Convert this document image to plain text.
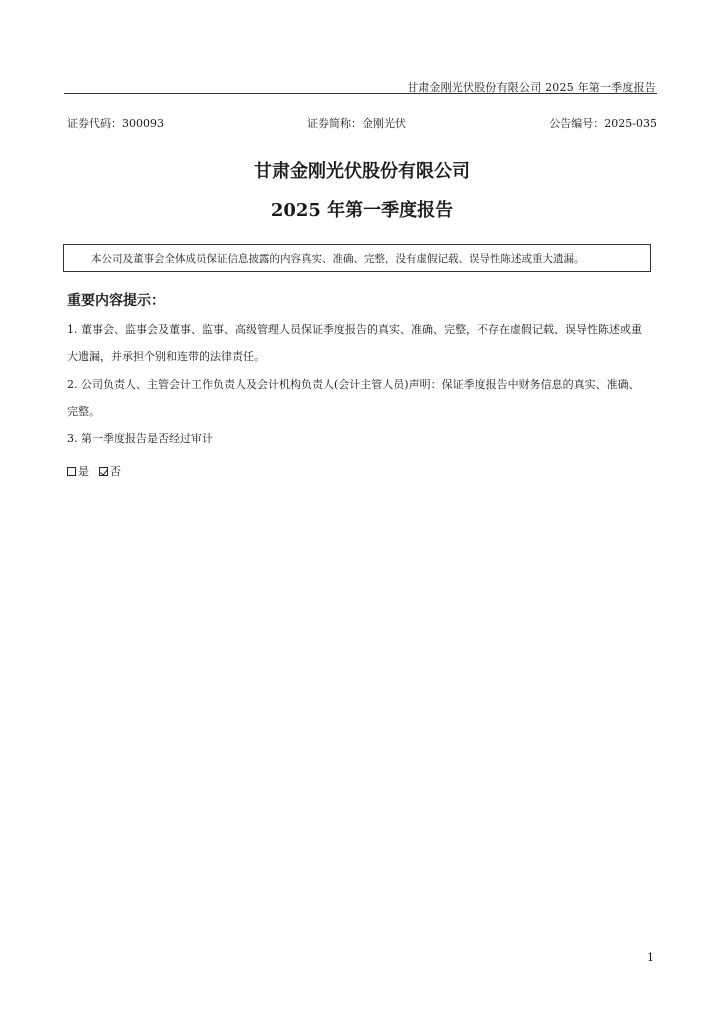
甘肃金刚光伏股份有限公司 2025 年第一季度报告
证券代码：300093	证券简称：金刚光伏	公告编号：2025-035
甘肃金刚光伏股份有限公司
2025 年第一季度报告
本公司及董事会全体成员保证信息披露的内容真实、准确、完整，没有虚假记载、误导性陈述或重大遗漏。
重要内容提示：
1. 董事会、监事会及董事、监事、高级管理人员保证季度报告的真实、准确、完整，不存在虚假记载、误导性陈述或重
大遗漏，并承担个别和连带的法律责任。
2. 公司负责人、主管会计工作负责人及会计机构负责人(会计主管人员)声明：保证季度报告中财务信息的真实、准确、
完整。
3. 第一季度报告是否经过审计
是 否
1
